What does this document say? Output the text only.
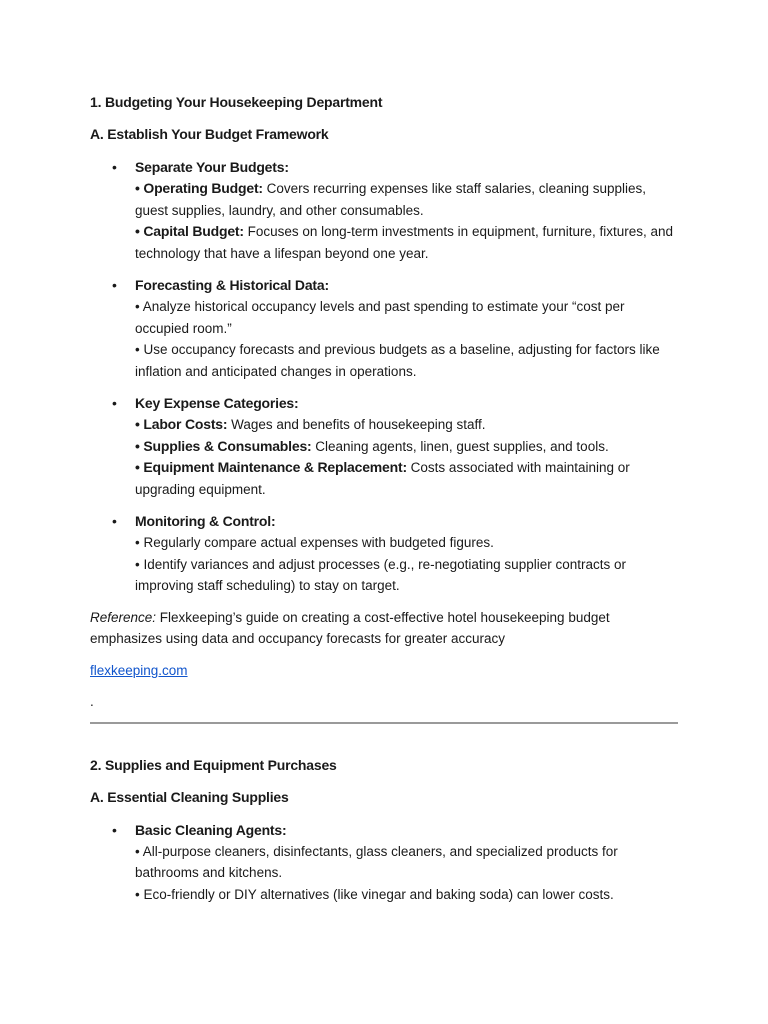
1. Budgeting Your Housekeeping Department

A. Establish Your Budget Framework

• Separate Your Budgets:
• Operating Budget: Covers recurring expenses like staff salaries, cleaning supplies, guest supplies, laundry, and other consumables.
• Capital Budget: Focuses on long-term investments in equipment, furniture, fixtures, and technology that have a lifespan beyond one year.
• Forecasting & Historical Data:
• Analyze historical occupancy levels and past spending to estimate your “cost per occupied room.”
• Use occupancy forecasts and previous budgets as a baseline, adjusting for factors like inflation and anticipated changes in operations.
• Key Expense Categories:
• Labor Costs: Wages and benefits of housekeeping staff.
• Supplies & Consumables: Cleaning agents, linen, guest supplies, and tools.
• Equipment Maintenance & Replacement: Costs associated with maintaining or upgrading equipment.
• Monitoring & Control:
• Regularly compare actual expenses with budgeted figures.
• Identify variances and adjust processes (e.g., re-negotiating supplier contracts or improving staff scheduling) to stay on target.

Reference: Flexkeeping’s guide on creating a cost-effective hotel housekeeping budget emphasizes using data and occupancy forecasts for greater accuracy

flexkeeping.com
.

2. Supplies and Equipment Purchases

A. Essential Cleaning Supplies

• Basic Cleaning Agents:
• All-purpose cleaners, disinfectants, glass cleaners, and specialized products for bathrooms and kitchens.
• Eco-friendly or DIY alternatives (like vinegar and baking soda) can lower costs.
